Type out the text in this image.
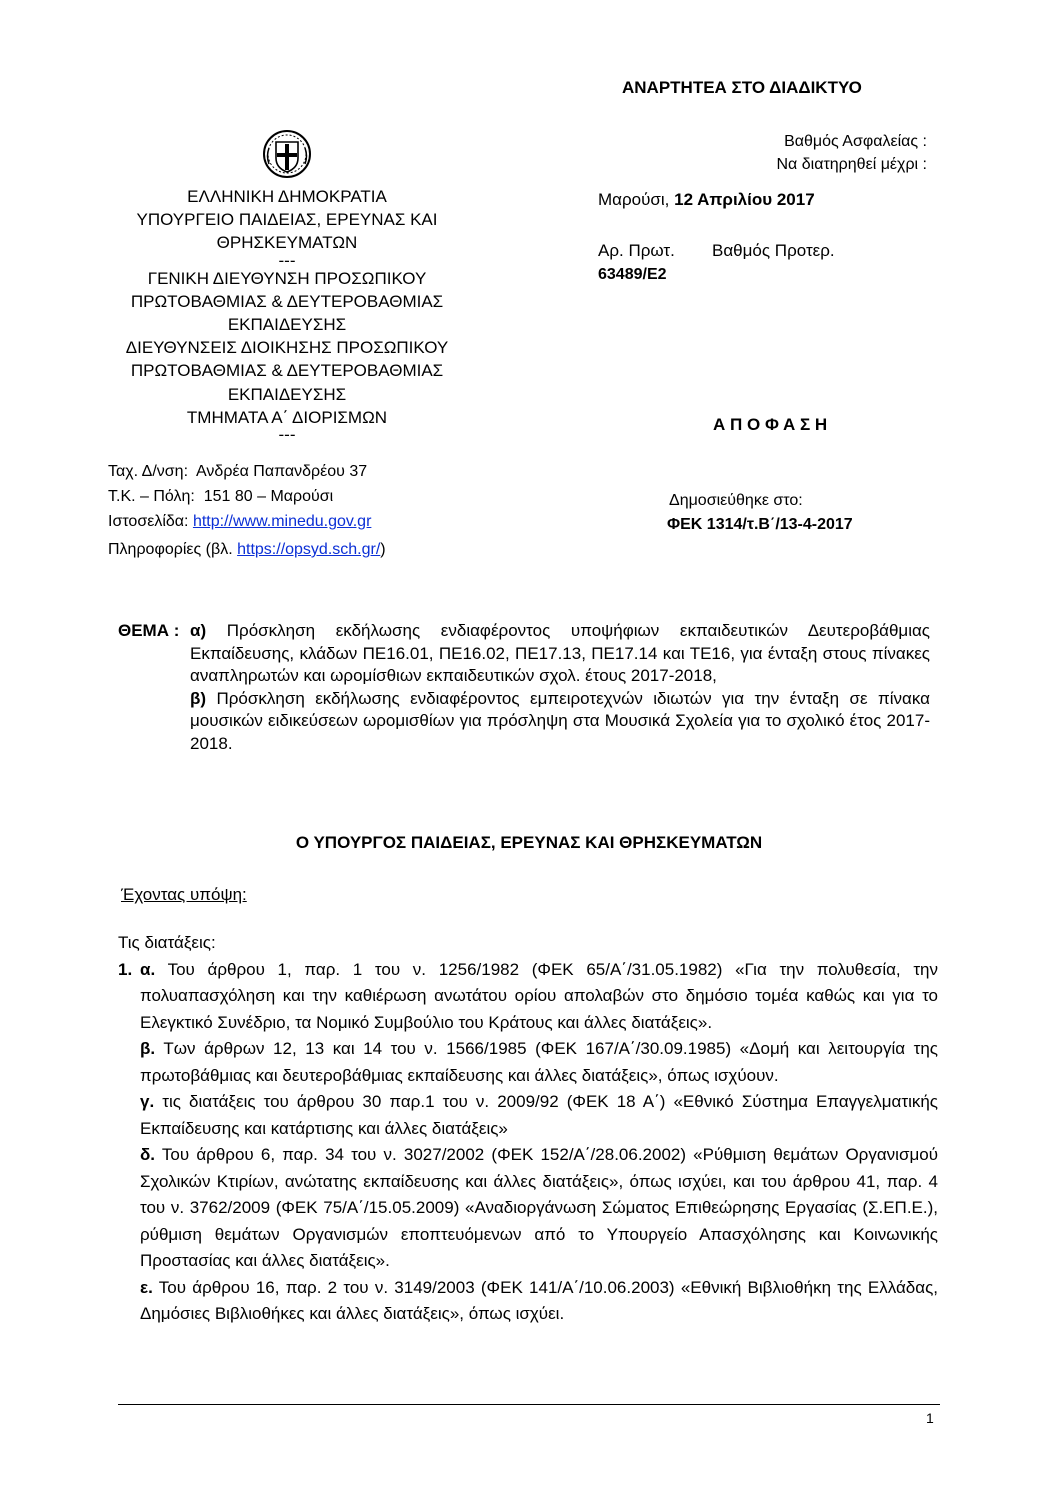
ΑΝΑΡΤΗΤΕΑ ΣΤΟ ΔΙΑΔΙΚΤΥΟ
Βαθμός Ασφαλείας :
Να διατηρηθεί μέχρι :
ΕΛΛΗΝΙΚΗ ΔΗΜΟΚΡΑΤΙΑ
ΥΠΟΥΡΓΕΙΟ ΠΑΙΔΕΙΑΣ, ΕΡΕΥΝΑΣ ΚΑΙ
ΘΡΗΣΚΕΥΜΑΤΩΝ
---
ΓΕΝΙΚΗ ΔΙΕΥΘΥΝΣΗ ΠΡΟΣΩΠΙΚΟΥ
ΠΡΩΤΟΒΑΘΜΙΑΣ & ΔΕΥΤΕΡΟΒΑΘΜΙΑΣ
ΕΚΠΑΙΔΕΥΣΗΣ
ΔΙΕΥΘΥΝΣΕΙΣ ΔΙΟΙΚΗΣΗΣ ΠΡΟΣΩΠΙΚΟΥ
ΠΡΩΤΟΒΑΘΜΙΑΣ & ΔΕΥΤΕΡΟΒΑΘΜΙΑΣ
ΕΚΠΑΙΔΕΥΣΗΣ
ΤΜΗΜΑΤΑ Α΄ ΔΙΟΡΙΣΜΩΝ
---
Ταχ. Δ/νση: Ανδρέα Παπανδρέου 37
Τ.Κ. – Πόλη: 151 80 – Μαρούσι
Ιστοσελίδα: http://www.minedu.gov.gr
Πληροφορίες (βλ. https://opsyd.sch.gr/)
Μαρούσι, 12 Απριλίου 2017
Αρ. Πρωτ. Βαθμός Προτερ.
63489/Ε2
Α Π Ο Φ Α Σ Η
Δημοσιεύθηκε στο:
ΦΕΚ 1314/τ.Β΄/13-4-2017
ΘΕΜΑ : α) Πρόσκληση εκδήλωσης ενδιαφέροντος υποψήφιων εκπαιδευτικών Δευτεροβάθμιας Εκπαίδευσης, κλάδων ΠΕ16.01, ΠΕ16.02, ΠΕ17.13, ΠΕ17.14 και ΤΕ16, για ένταξη στους πίνακες αναπληρωτών και ωρομίσθιων εκπαιδευτικών σχολ. έτους 2017-2018,
β) Πρόσκληση εκδήλωσης ενδιαφέροντος εμπειροτεχνών ιδιωτών για την ένταξη σε πίνακα μουσικών ειδικεύσεων ωρομισθίων για πρόσληψη στα Μουσικά Σχολεία για το σχολικό έτος 2017-2018.
Ο ΥΠΟΥΡΓΟΣ ΠΑΙΔΕΙΑΣ, ΕΡΕΥΝΑΣ ΚΑΙ ΘΡΗΣΚΕΥΜΑΤΩΝ
Έχοντας υπόψη:
Τις διατάξεις:
1. α. Του άρθρου 1, παρ. 1 του ν. 1256/1982 (ΦΕΚ 65/Α΄/31.05.1982) «Για την πολυθεσία, την πολυαπασχόληση και την καθιέρωση ανωτάτου ορίου απολαβών στο δημόσιο τομέα καθώς και για το Ελεγκτικό Συνέδριο, τα Νομικό Συμβούλιο του Κράτους και άλλες διατάξεις».

β. Των άρθρων 12, 13 και 14 του ν. 1566/1985 (ΦΕΚ 167/Α΄/30.09.1985) «Δομή και λειτουργία της πρωτοβάθμιας και δευτεροβάθμιας εκπαίδευσης και άλλες διατάξεις», όπως ισχύουν.

γ. τις διατάξεις του άρθρου 30 παρ.1 του ν. 2009/92 (ΦΕΚ 18 Α΄) «Εθνικό Σύστημα Επαγγελματικής Εκπαίδευσης και κατάρτισης και άλλες διατάξεις»

δ. Του άρθρου 6, παρ. 34 του ν. 3027/2002 (ΦΕΚ 152/Α΄/28.06.2002) «Ρύθμιση θεμάτων Οργανισμού Σχολικών Κτιρίων, ανώτατης εκπαίδευσης και άλλες διατάξεις», όπως ισχύει, και του άρθρου 41, παρ. 4 του ν. 3762/2009 (ΦΕΚ 75/Α΄/15.05.2009) «Αναδιοργάνωση Σώματος Επιθεώρησης Εργασίας (Σ.ΕΠ.Ε.), ρύθμιση θεμάτων Οργανισμών εποπτευόμενων από το Υπουργείο Απασχόλησης και Κοινωνικής Προστασίας και άλλες διατάξεις».

ε. Του άρθρου 16, παρ. 2 του ν. 3149/2003 (ΦΕΚ 141/Α΄/10.06.2003) «Εθνική Βιβλιοθήκη της Ελλάδας, Δημόσιες Βιβλιοθήκες και άλλες διατάξεις», όπως ισχύει.

1
